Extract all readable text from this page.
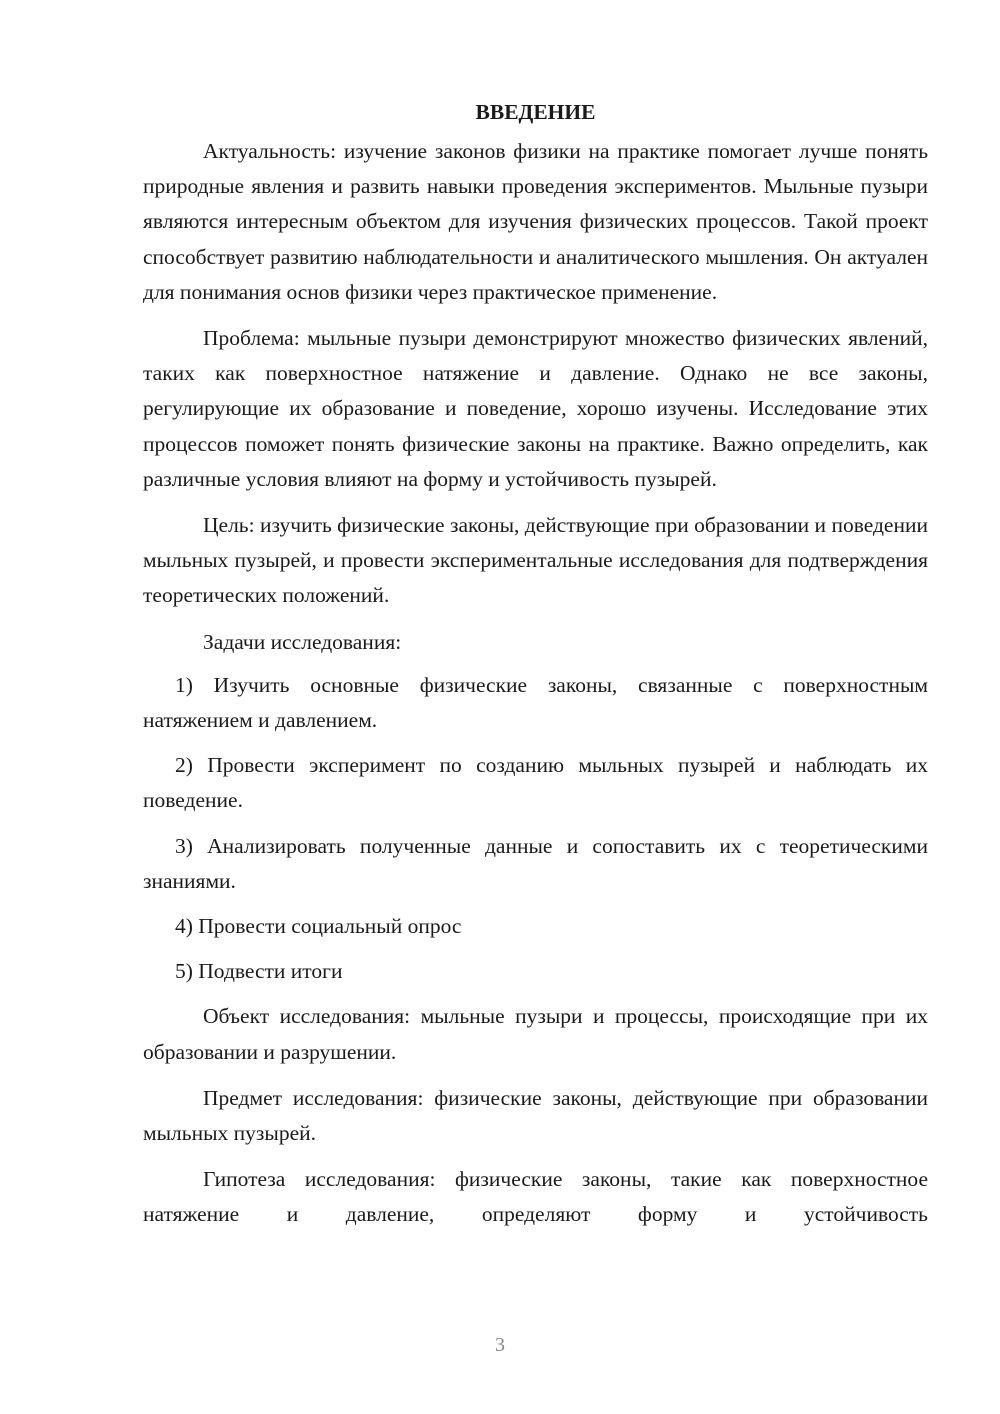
ВВЕДЕНИЕ

Актуальность: изучение законов физики на практике помогает лучше понять природные явления и развить навыки проведения экспериментов. Мыльные пузыри являются интересным объектом для изучения физических процессов. Такой проект способствует развитию наблюдательности и аналитического мышления. Он актуален для понимания основ физики через практическое применение.

Проблема: мыльные пузыри демонстрируют множество физических явлений, таких как поверхностное натяжение и давление. Однако не все законы, регулирующие их образование и поведение, хорошо изучены. Исследование этих процессов поможет понять физические законы на практике. Важно определить, как различные условия влияют на форму и устойчивость пузырей.

Цель: изучить физические законы, действующие при образовании и поведении мыльных пузырей, и провести экспериментальные исследования для подтверждения теоретических положений.

Задачи исследования:

1) Изучить основные физические законы, связанные с поверхностным натяжением и давлением.

2) Провести эксперимент по созданию мыльных пузырей и наблюдать их поведение.

3) Анализировать полученные данные и сопоставить их с теоретическими знаниями.

4) Провести социальный опрос

5) Подвести итоги

Объект исследования: мыльные пузыри и процессы, происходящие при их образовании и разрушении.

Предмет исследования: физические законы, действующие при образовании мыльных пузырей.

Гипотеза исследования: физические законы, такие как поверхностное натяжение и давление, определяют форму и устойчивость

3
